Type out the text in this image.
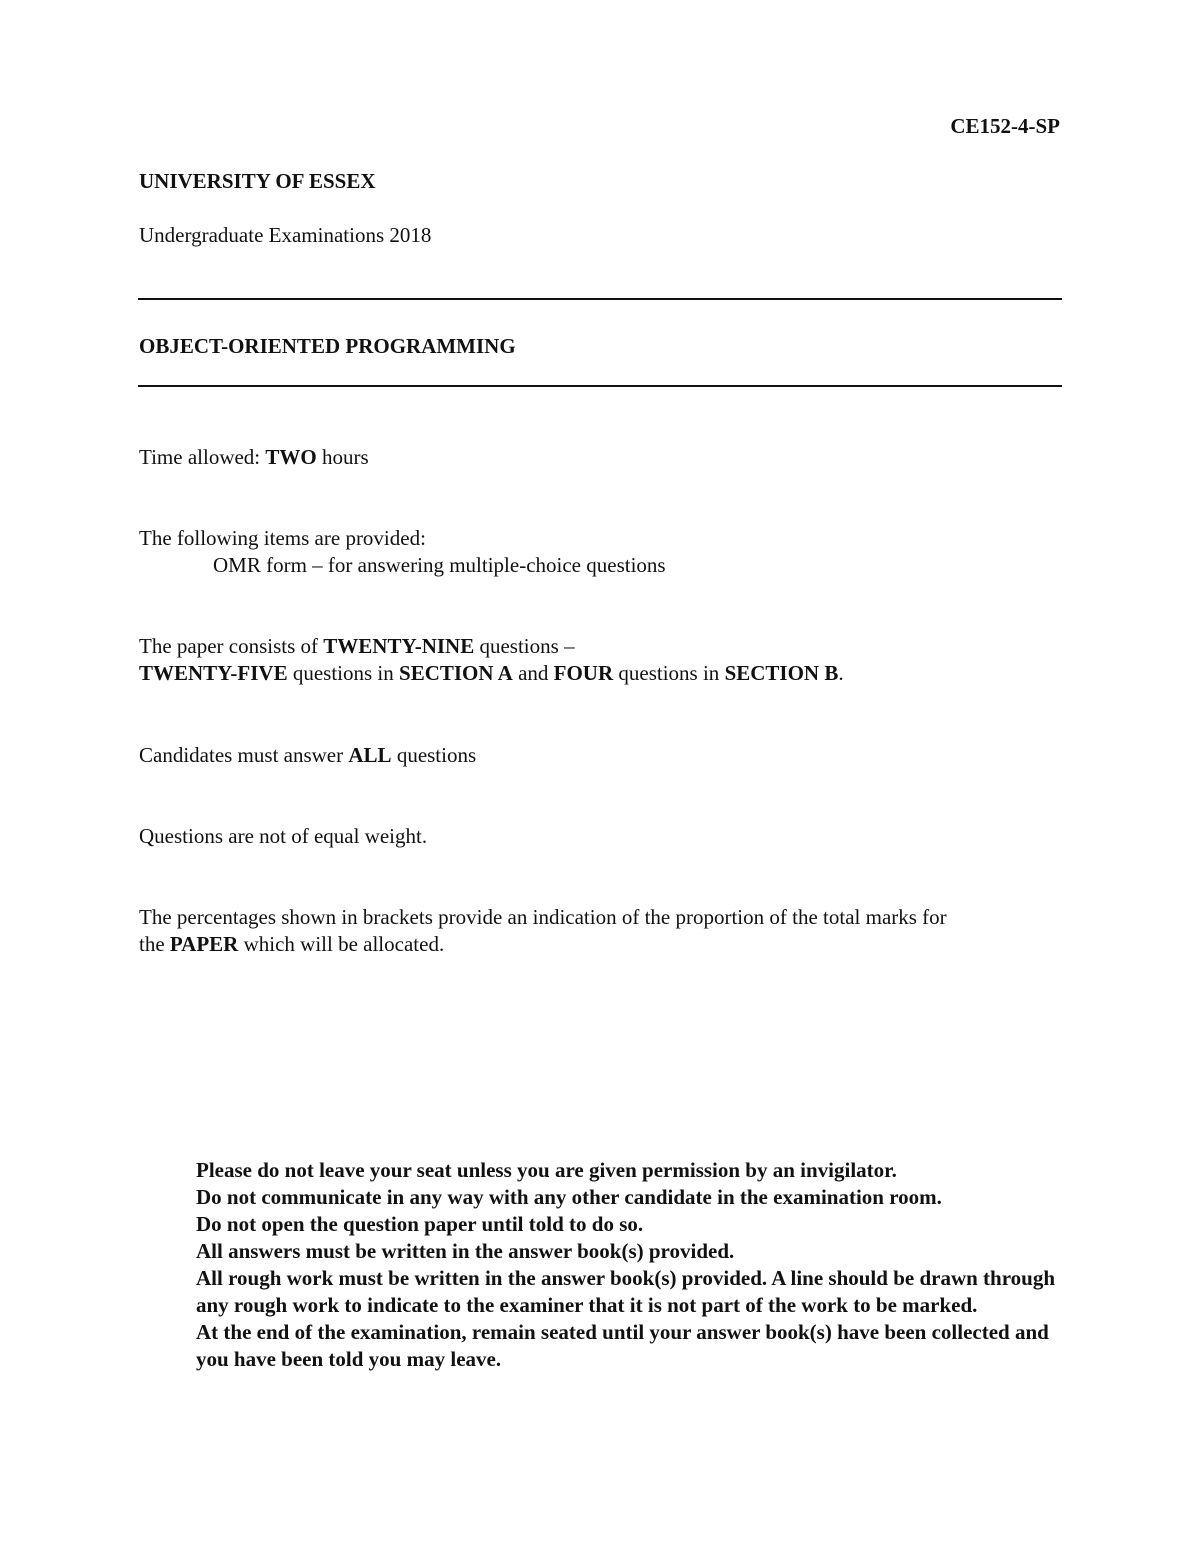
CE152-4-SP
UNIVERSITY OF ESSEX
Undergraduate Examinations 2018
OBJECT-ORIENTED PROGRAMMING
Time allowed: TWO hours
The following items are provided:
OMR form – for answering multiple-choice questions
The paper consists of TWENTY-NINE questions –
TWENTY-FIVE questions in SECTION A and FOUR questions in SECTION B.
Candidates must answer ALL questions
Questions are not of equal weight.
The percentages shown in brackets provide an indication of the proportion of the total marks for
the PAPER which will be allocated.
Please do not leave your seat unless you are given permission by an invigilator.
Do not communicate in any way with any other candidate in the examination room.
Do not open the question paper until told to do so.
All answers must be written in the answer book(s) provided.
All rough work must be written in the answer book(s) provided. A line should be drawn through any rough work to indicate to the examiner that it is not part of the work to be marked.
At the end of the examination, remain seated until your answer book(s) have been collected and you have been told you may leave.
